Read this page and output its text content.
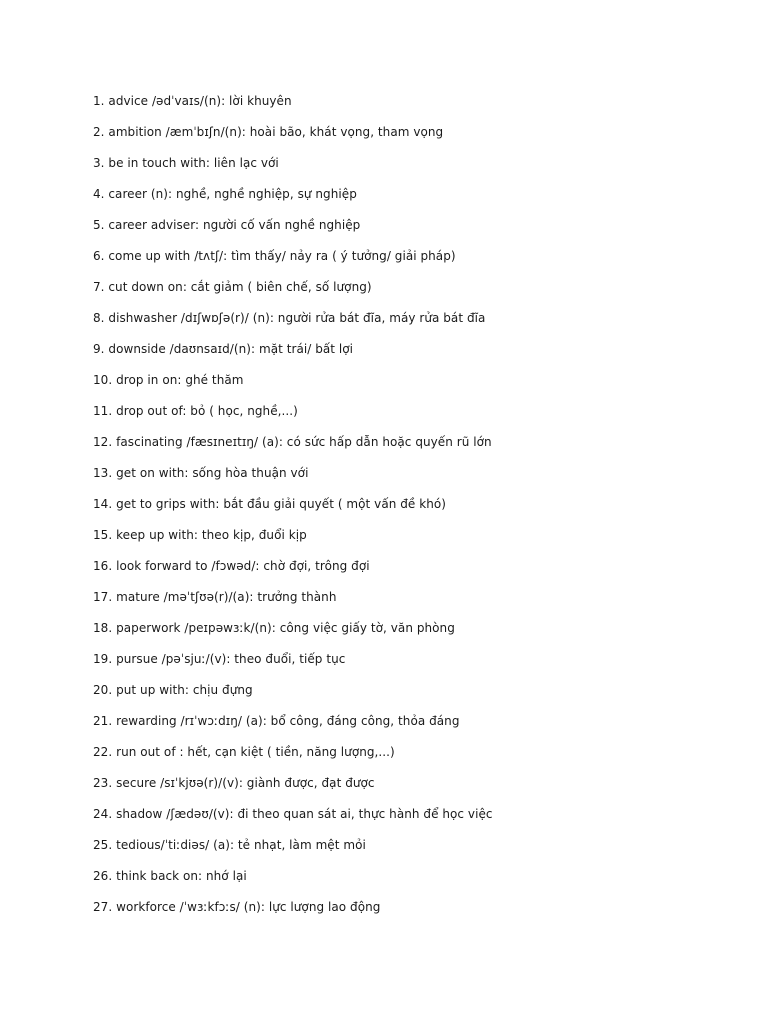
1. advice /ədˈvaɪs/(n): lời khuyên
2. ambition /æmˈbɪʃn/(n): hoài bão, khát vọng, tham vọng
3. be in touch with: liên lạc với
4. career (n): nghề, nghề nghiệp, sự nghiệp
5. career adviser: người cố vấn nghề nghiệp
6. come up with /tʌtʃ/: tìm thấy/ nảy ra ( ý tưởng/ giải pháp)
7. cut down on: cắt giảm ( biên chế, số lượng)
8. dishwasher /dɪʃwɒʃə(r)/ (n): người rửa bát đĩa, máy rửa bát đĩa
9. downside /daʊnsaɪd/(n): mặt trái/ bất lợi
10. drop in on: ghé thăm
11. drop out of: bỏ ( học, nghề,...)
12. fascinating /fæsɪneɪtɪŋ/ (a): có sức hấp dẫn hoặc quyến rũ lớn
13. get on with: sống hòa thuận với
14. get to grips with: bắt đầu giải quyết ( một vấn đề khó)
15. keep up with: theo kịp, đuổi kịp
16. look forward to /fɔwəd/: chờ đợi, trông đợi
17. mature /məˈtʃʊə(r)/(a): trưởng thành
18. paperwork /peɪpəwɜːk/(n): công việc giấy tờ, văn phòng
19. pursue /pəˈsjuː/(v): theo đuổi, tiếp tục
20. put up with: chịu đựng
21. rewarding /rɪˈwɔːdɪŋ/ (a): bổ công, đáng công, thỏa đáng
22. run out of : hết, cạn kiệt ( tiền, năng lượng,...)
23. secure /sɪˈkjʊə(r)/(v): giành được, đạt được
24. shadow /ʃædəʊ/(v): đi theo quan sát ai, thực hành để học việc
25. tedious/ˈtiːdiəs/ (a): tẻ nhạt, làm mệt mỏi
26. think back on: nhớ lại
27. workforce /ˈwɜːkfɔːs/ (n): lực lượng lao động
